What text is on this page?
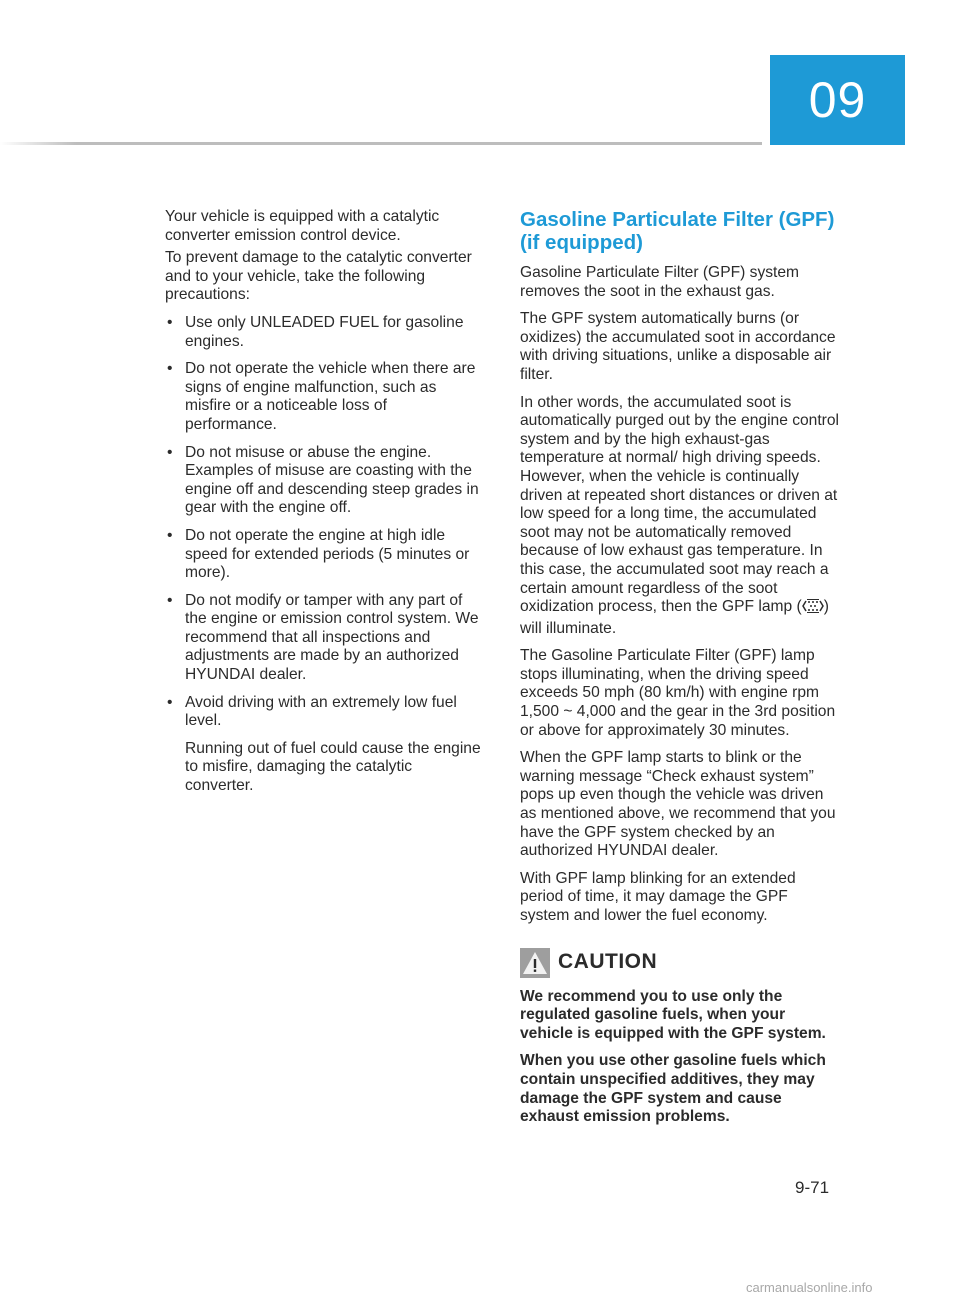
09

Your vehicle is equipped with a catalytic converter emission control device.

To prevent damage to the catalytic converter and to your vehicle, take the following precautions:

• Use only UNLEADED FUEL for gasoline engines.
• Do not operate the vehicle when there are signs of engine malfunction, such as misfire or a noticeable loss of performance.
• Do not misuse or abuse the engine. Examples of misuse are coasting with the engine off and descending steep grades in gear with the engine off.
• Do not operate the engine at high idle speed for extended periods (5 minutes or more).
• Do not modify or tamper with any part of the engine or emission control system. We recommend that all inspections and adjustments are made by an authorized HYUNDAI dealer.
• Avoid driving with an extremely low fuel level.
Running out of fuel could cause the engine to misfire, damaging the catalytic converter.
Gasoline Particulate Filter (GPF) (if equipped)

Gasoline Particulate Filter (GPF) system removes the soot in the exhaust gas.

The GPF system automatically burns (or oxidizes) the accumulated soot in accordance with driving situations, unlike a disposable air filter.

In other words, the accumulated soot is automatically purged out by the engine control system and by the high exhaust-gas temperature at normal/ high driving speeds. However, when the vehicle is continually driven at repeated short distances or driven at low speed for a long time, the accumulated soot may not be automatically removed because of low exhaust gas temperature. In this case, the accumulated soot may reach a certain amount regardless of the soot oxidization process, then the GPF lamp ( ) will illuminate.

The Gasoline Particulate Filter (GPF) lamp stops illuminating, when the driving speed exceeds 50 mph (80 km/h) with engine rpm 1,500 ~ 4,000 and the gear in the 3rd position or above for approximately 30 minutes.

When the GPF lamp starts to blink or the warning message “Check exhaust system” pops up even though the vehicle was driven as mentioned above, we recommend that you have the GPF system checked by an authorized HYUNDAI dealer.

With GPF lamp blinking for an extended period of time, it may damage the GPF system and lower the fuel economy.

CAUTION

We recommend you to use only the regulated gasoline fuels, when your vehicle is equipped with the GPF system.

When you use other gasoline fuels which contain unspecified additives, they may damage the GPF system and cause exhaust emission problems.

9-71
carmanualsonline.info
